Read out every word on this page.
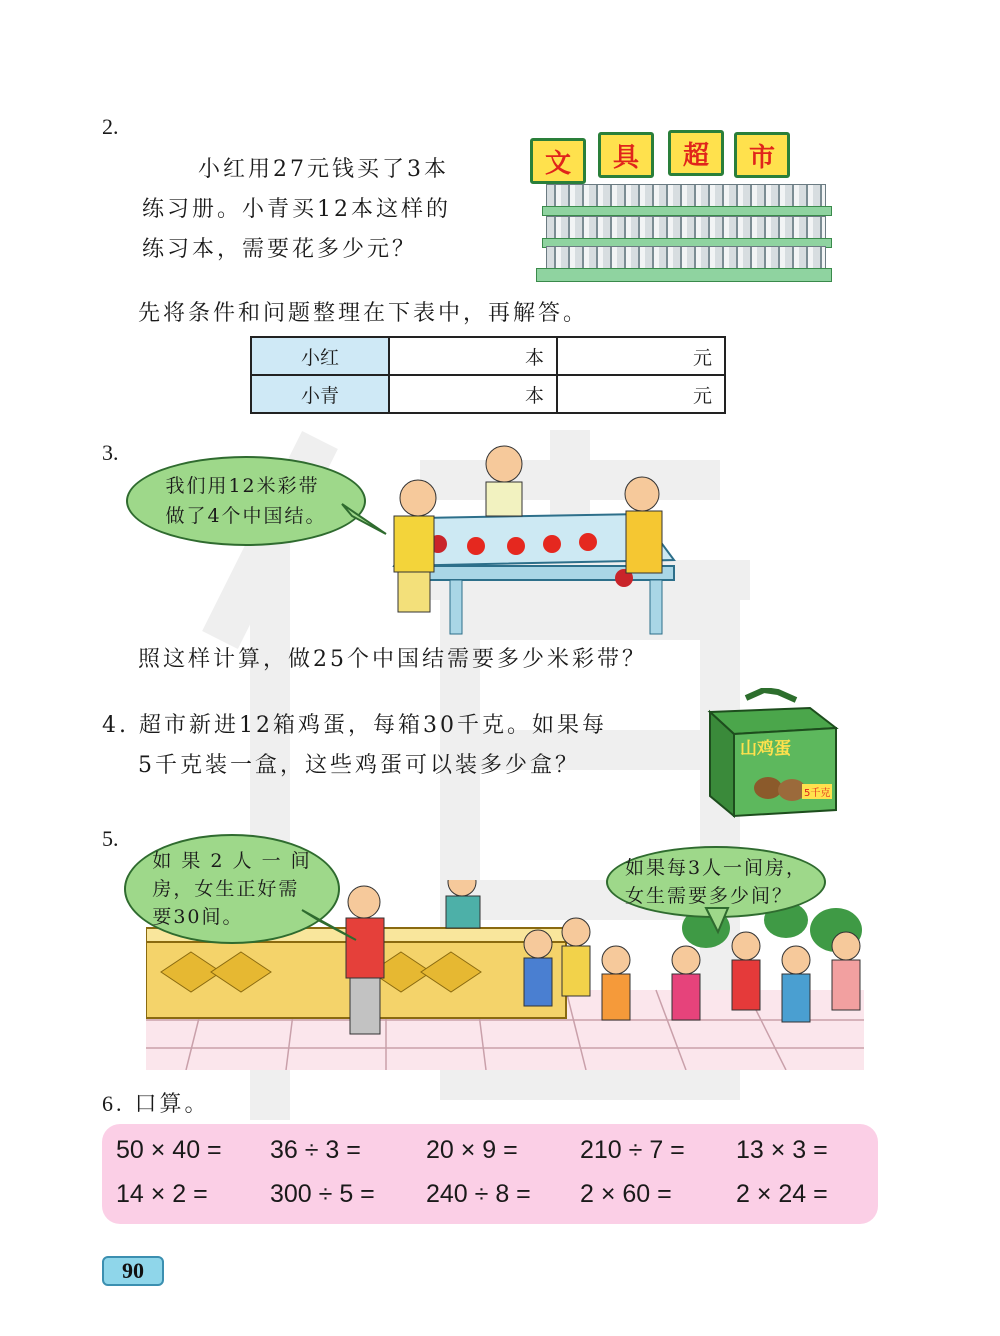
2.
小红用27元钱买了3本
练习册。小青买12本这样的
练习本，需要花多少元？
文	具	超	市
先将条件和问题整理在下表中，再解答。
小红	本	元
小青	本	元
3.
我们用12米彩带
做了4个中国结。
照这样计算，做25个中国结需要多少米彩带？
4. 超市新进12箱鸡蛋，每箱30千克。如果每
5千克装一盒，这些鸡蛋可以装多少盒？
山鸡蛋
5千克
5.
如 果 2 人 一 间
房，女生正好需
要30间。
如果每3人一间房，
女生需要多少间？
6. 口算。
50 × 40 = 36 ÷ 3 =	20 × 9 = 210 ÷ 7 = 13 × 3 =
14 × 2 = 300 ÷ 5 = 240 ÷ 8 = 2 × 60 =	2 × 24 =
90
